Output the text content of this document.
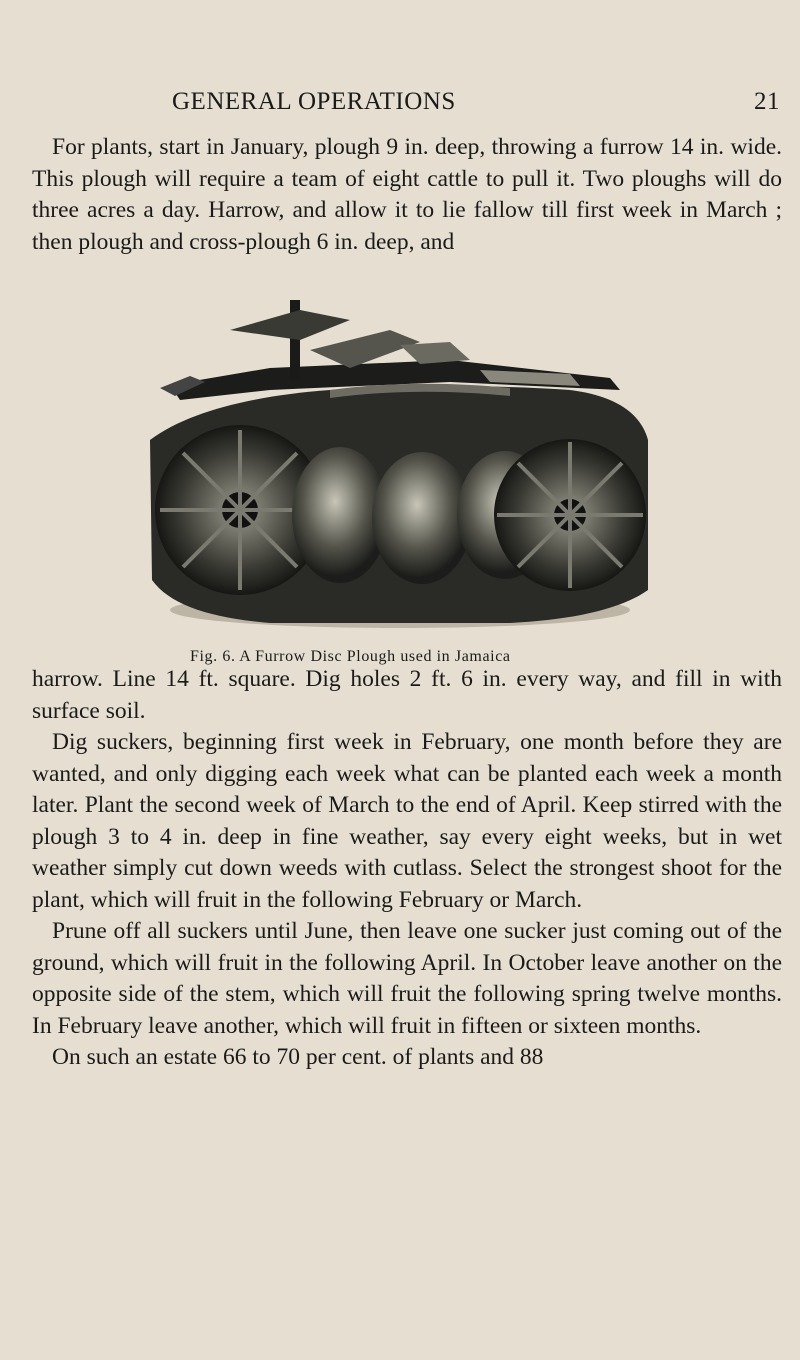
GENERAL OPERATIONS	21

For plants, start in January, plough 9 in. deep, throwing a furrow 14 in. wide. This plough will require a team of eight cattle to pull it. Two ploughs will do three acres a day. Harrow, and allow it to lie fallow till first week in March ; then plough and cross-plough 6 in. deep, and

Fig. 6. A Furrow Disc Plough used in Jamaica

harrow. Line 14 ft. square. Dig holes 2 ft. 6 in. every way, and fill in with surface soil.

Dig suckers, beginning first week in February, one month before they are wanted, and only digging each week what can be planted each week a month later. Plant the second week of March to the end of April. Keep stirred with the plough 3 to 4 in. deep in fine weather, say every eight weeks, but in wet weather simply cut down weeds with cutlass. Select the strongest shoot for the plant, which will fruit in the following February or March.

Prune off all suckers until June, then leave one sucker just coming out of the ground, which will fruit in the following April. In October leave another on the opposite side of the stem, which will fruit the following spring twelve months. In February leave another, which will fruit in fifteen or sixteen months.

On such an estate 66 to 70 per cent. of plants and 88
